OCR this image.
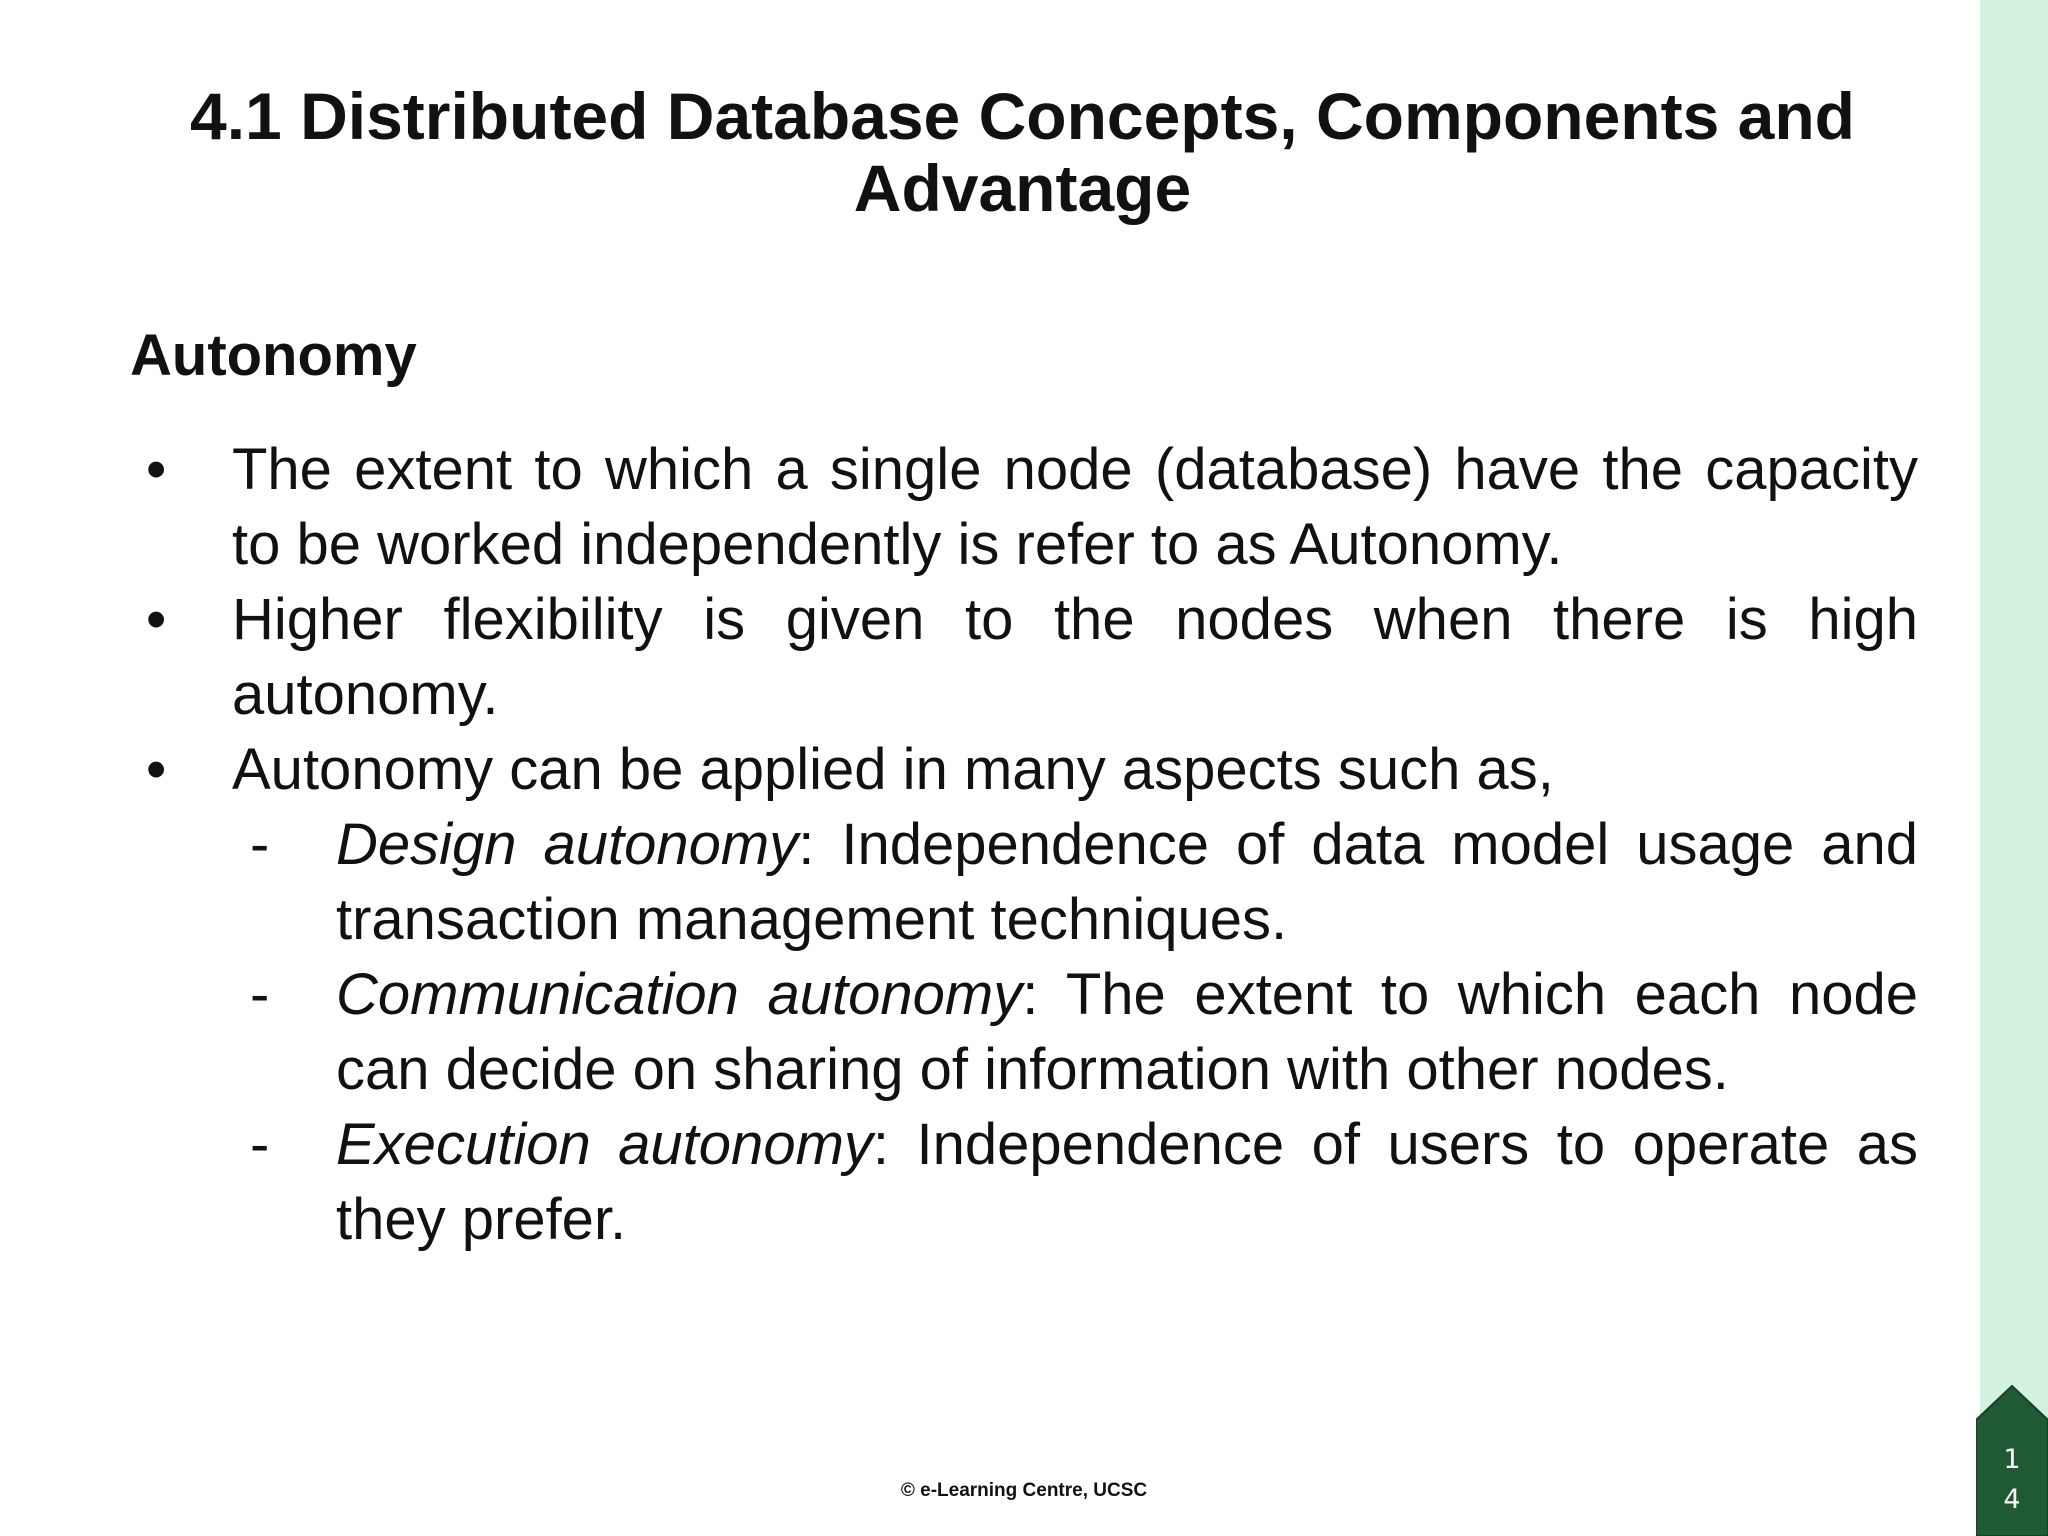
4.1 Distributed Database Concepts, Components and
Advantage
Autonomy
• The extent to which a single node (database) have the capacity to be worked independently is refer to as Autonomy.
• Higher flexibility is given to the nodes when there is high autonomy.
• Autonomy can be applied in many aspects such as,
- Design autonomy: Independence of data model usage and transaction management techniques.
- Communication autonomy: The extent to which each node can decide on sharing of information with other nodes.
- Execution autonomy: Independence of users to operate as they prefer.
© e-Learning Centre, UCSC
1
4
